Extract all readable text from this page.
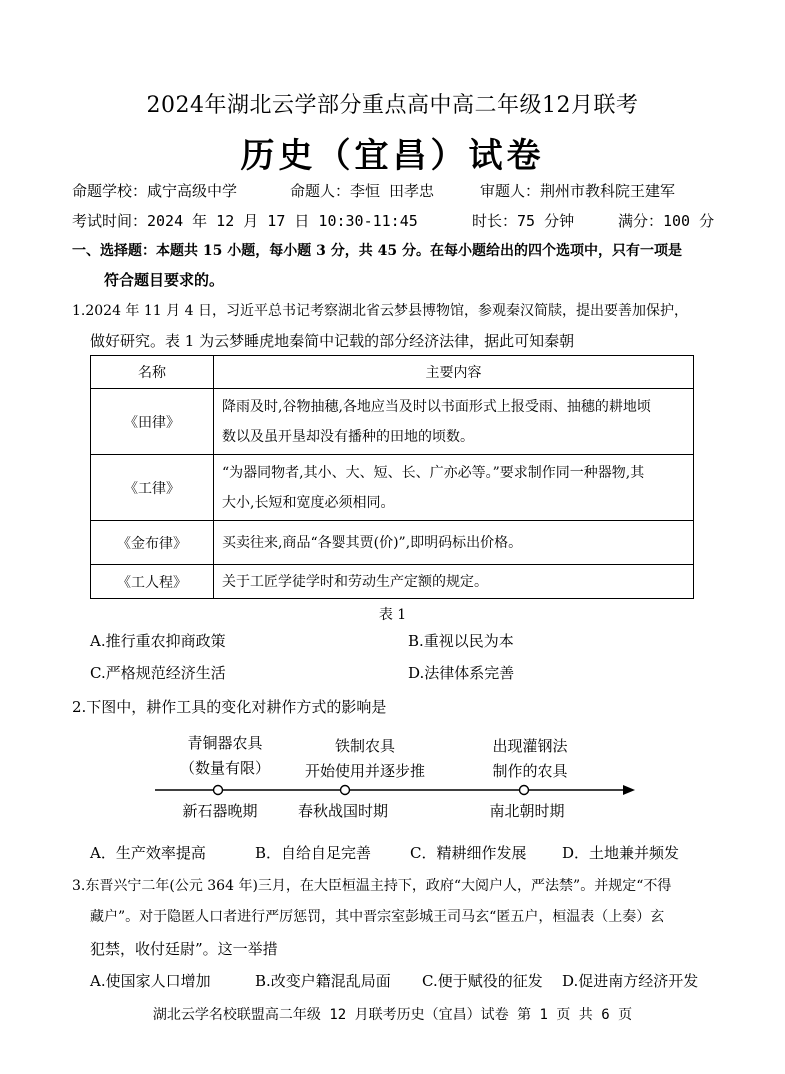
2024年湖北云学部分重点高中高二年级12月联考
历史（宜昌）试卷
命题学校：咸宁高级中学	命题人：李恒 田孝忠	审题人：荆州市教科院王建军
考试时间：2024 年 12 月 17 日 10:30-11:45	时长：75 分钟	满分：100 分
一、选择题：本题共 15 小题，每小题 3 分，共 45 分。在每小题给出的四个选项中，只有一项是
符合题目要求的。
1.2024 年 11 月 4 日，习近平总书记考察湖北省云梦县博物馆，参观秦汉简牍，提出要善加保护，
做好研究。表 1 为云梦睡虎地秦简中记载的部分经济法律，据此可知秦朝
名称	主要内容
《田律》	降雨及时,谷物抽穗,各地应当及时以书面形式上报受雨、抽穗的耕地顷
数以及虽开垦却没有播种的田地的顷数。

《工律》	“为器同物者,其小、大、短、长、广亦必等。”要求制作同一种器物,其
大小,长短和宽度必须相同。

《金布律》	买卖往来,商品“各婴其贾(价)”,即明码标出价格。

《工人程》	关于工匠学徒学时和劳动生产定额的规定。
表 1
A.推行重农抑商政策	B.重视以民为本
C.严格规范经济生活	D.法律体系完善
2.下图中，耕作工具的变化对耕作方式的影响是
青铜器农具
（数量有限）
铁制农具
开始使用并逐步推
出现灌钢法
制作的农具
新石器晚期	春秋战国时期	南北朝时期
A．生产效率提高	B．自给自足完善	C．精耕细作发展 D．土地兼并频发
3.东晋兴宁二年(公元 364 年)三月，在大臣桓温主持下，政府“大阅户人，严法禁”。并规定“不得
藏户”。对于隐匿人口者进行严厉惩罚，其中晋宗室彭城王司马玄“匿五户，桓温表（上奏）玄
犯禁，收付廷尉”。这一举措
A.使国家人口增加	B.改变户籍混乱局面 C.便于赋役的征发 D.促进南方经济开发
湖北云学名校联盟高二年级 12 月联考历史（宜昌）试卷 第 1 页 共 6 页
